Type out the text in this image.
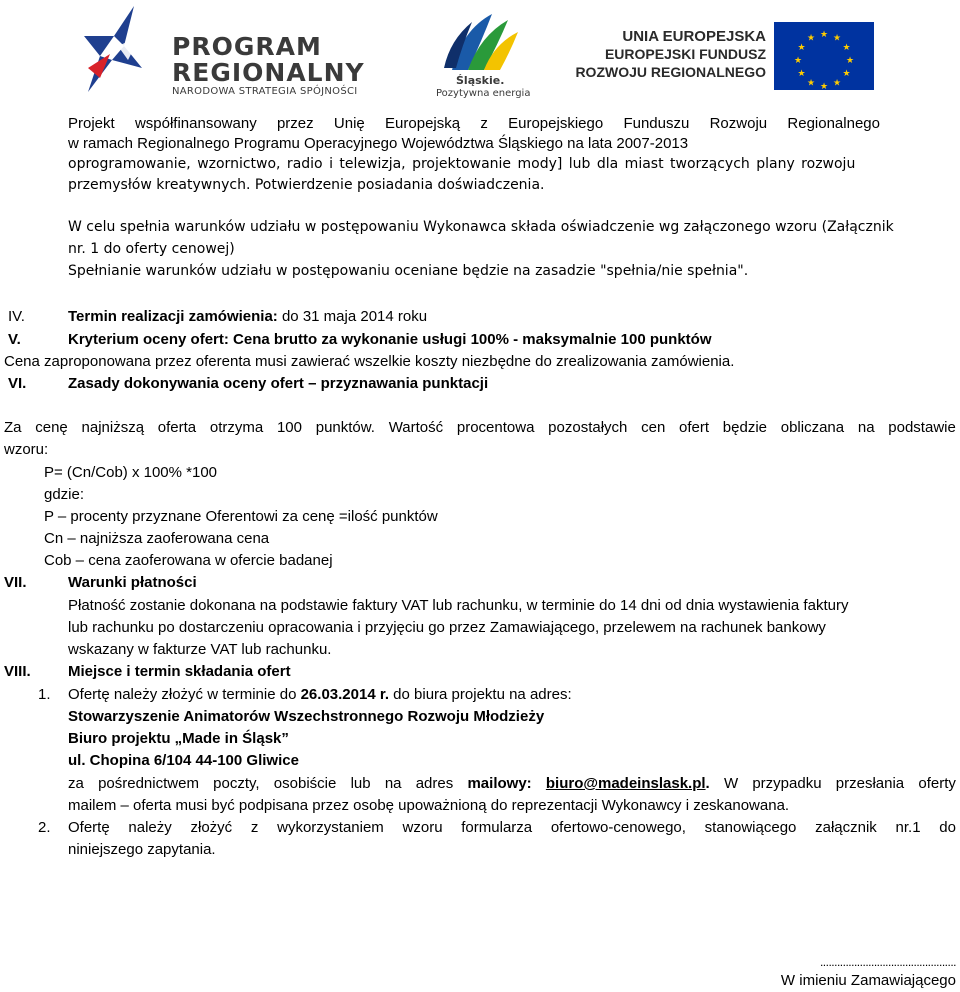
PROGRAM
REGIONALNY
NARODOWA STRATEGIA SPÓJNOŚCI
Śląskie.
Pozytywna energia
UNIA EUROPEJSKA
EUROPEJSKI FUNDUSZ
ROZWOJU REGIONALNEGO
★ ★
★
★
★
★
★
★
★
★
★
★
Projekt współfinansowany przez Unię Europejską z Europejskiego Funduszu Rozwoju Regionalnego
w ramach Regionalnego Programu Operacyjnego Województwa Śląskiego na lata 2007-2013
oprogramowanie, wzornictwo, radio i telewizja, projektowanie mody] lub dla miast tworzących plany rozwoju
przemysłów kreatywnych. Potwierdzenie posiadania doświadczenia.
W celu spełnia warunków udziału w postępowaniu Wykonawca składa oświadczenie wg załączonego wzoru (Załącznik
nr. 1 do oferty cenowej)
Spełnianie warunków udziału w postępowaniu oceniane będzie na zasadzie "spełnia/nie spełnia".
IV.	Termin realizacji zamówienia: do 31 maja 2014 roku
V.	Kryterium oceny ofert: Cena brutto za wykonanie usługi 100% - maksymalnie 100 punktów
Cena zaproponowana przez oferenta musi zawierać wszelkie koszty niezbędne do zrealizowania zamówienia.
VI.	Zasady dokonywania oceny ofert – przyznawania punktacji
Za cenę najniższą oferta otrzyma 100 punktów. Wartość procentowa pozostałych cen ofert będzie obliczana na podstawie
wzoru:
P= (Cn/Cob) x 100% *100
gdzie:
P – procenty przyznane Oferentowi za cenę =ilość punktów
Cn – najniższa zaoferowana cena
Cob – cena zaoferowana w ofercie badanej
VII.	Warunki płatności
Płatność zostanie dokonana na podstawie faktury VAT lub rachunku, w terminie do 14 dni od dnia wystawienia faktury
lub rachunku po dostarczeniu opracowania i przyjęciu go przez Zamawiającego, przelewem na rachunek bankowy
wskazany w fakturze VAT lub rachunku.
VIII. Miejsce i termin składania ofert
1. Ofertę należy złożyć w terminie do 26.03.2014 r. do biura projektu na adres:
Stowarzyszenie Animatorów Wszechstronnego Rozwoju Młodzieży
Biuro projektu „Made in Śląsk”
ul. Chopina 6/104 44-100 Gliwice
za pośrednictwem poczty, osobiście lub na adres mailowy: biuro@madeinslask.pl. W przypadku przesłania oferty
mailem – oferta musi być podpisana przez osobę upoważnioną do reprezentacji Wykonawcy i zeskanowana.
2. Ofertę należy złożyć z wykorzystaniem wzoru formularza ofertowo-cenowego, stanowiącego załącznik nr.1 do
niniejszego zapytania.
................................................
W imieniu Zamawiającego
